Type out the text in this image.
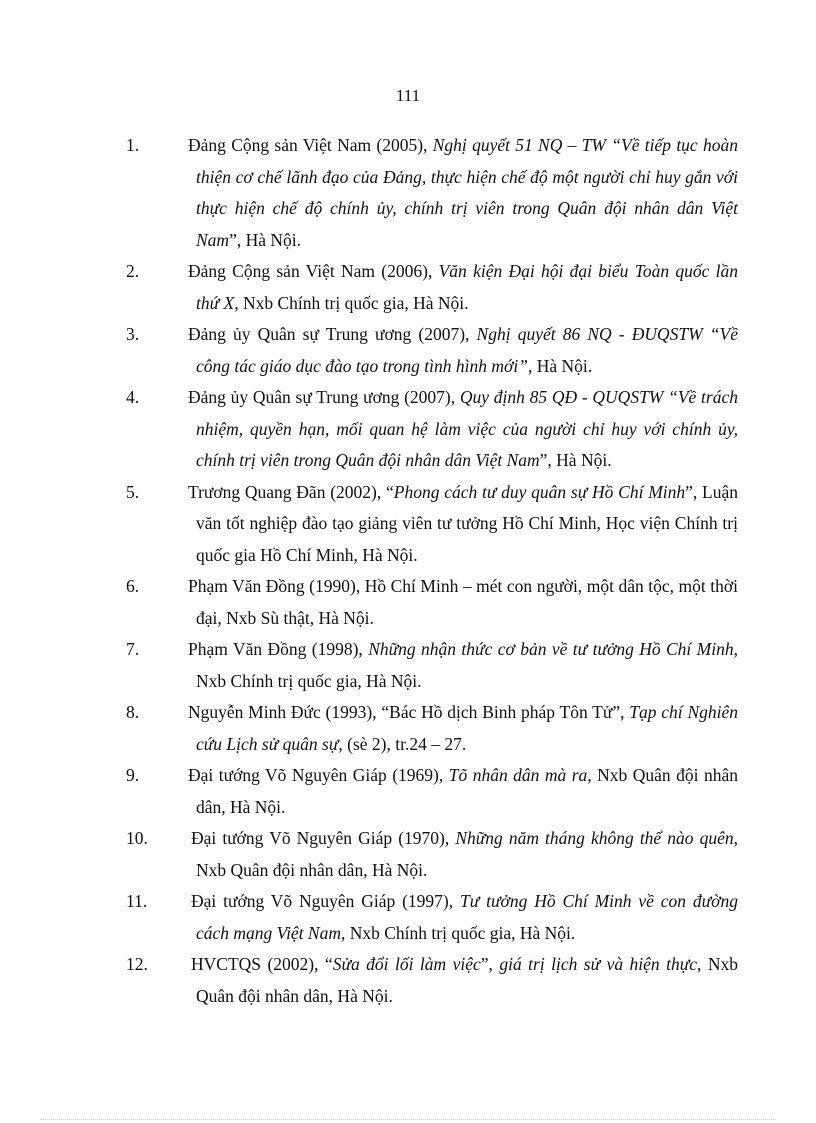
111
1.	Đảng Cộng sản Việt Nam (2005), Nghị quyết 51 NQ – TW “Về tiếp tục hoàn thiện cơ chế lãnh đạo của Đảng, thực hiện chế độ một người chỉ huy gắn với thực hiện chế độ chính ủy, chính trị viên trong Quân đội nhân dân Việt Nam”, Hà Nội.
2.	Đảng Cộng sản Việt Nam (2006), Văn kiện Đại hội đại biểu Toàn quốc lần thứ X, Nxb Chính trị quốc gia, Hà Nội.
3.	Đảng ủy Quân sự Trung ương (2007), Nghị quyết 86 NQ - ĐUQSTW “Về công tác giáo dục đào tạo trong tình hình mới”, Hà Nội.
4.	Đảng ủy Quân sự Trung ương (2007), Quy định 85 QĐ - QUQSTW “Về trách nhiệm, quyền hạn, mối quan hệ làm việc của người chỉ huy với chính ủy, chính trị viên trong Quân đội nhân dân Việt Nam”, Hà Nội.
5.	Trương Quang Đãn (2002), “Phong cách tư duy quân sự Hồ Chí Minh”, Luận văn tốt nghiệp đào tạo giảng viên tư tưởng Hồ Chí Minh, Học viện Chính trị quốc gia Hồ Chí Minh, Hà Nội.
6.	Phạm Văn Đồng (1990), Hồ Chí Minh – mét con người, một dân tộc, một thời đại, Nxb Sù thật, Hà Nội.
7.	Phạm Văn Đồng (1998), Những nhận thức cơ bản về tư tưởng Hồ Chí Minh, Nxb Chính trị quốc gia, Hà Nội.
8.	Nguyễn Minh Đức (1993), “Bác Hồ dịch Binh pháp Tôn Tử”, Tạp chí Nghiên cứu Lịch sử quân sự, (sè 2), tr.24 – 27.
9.	Đại tướng Võ Nguyên Giáp (1969), Tõ nhân dân mà ra, Nxb Quân đội nhân dân, Hà Nội.
10. Đại tướng Võ Nguyên Giáp (1970), Những năm tháng không thể nào quên, Nxb Quân đội nhân dân, Hà Nội.
11.	Đại tướng Võ Nguyên Giáp (1997), Tư tưởng Hồ Chí Minh về con đường cách mạng Việt Nam, Nxb Chính trị quốc gia, Hà Nội.
12. HVCTQS (2002), “Sửa đổi lối làm việc”, giá trị lịch sử và hiện thực, Nxb Quân đội nhân dân, Hà Nội.
